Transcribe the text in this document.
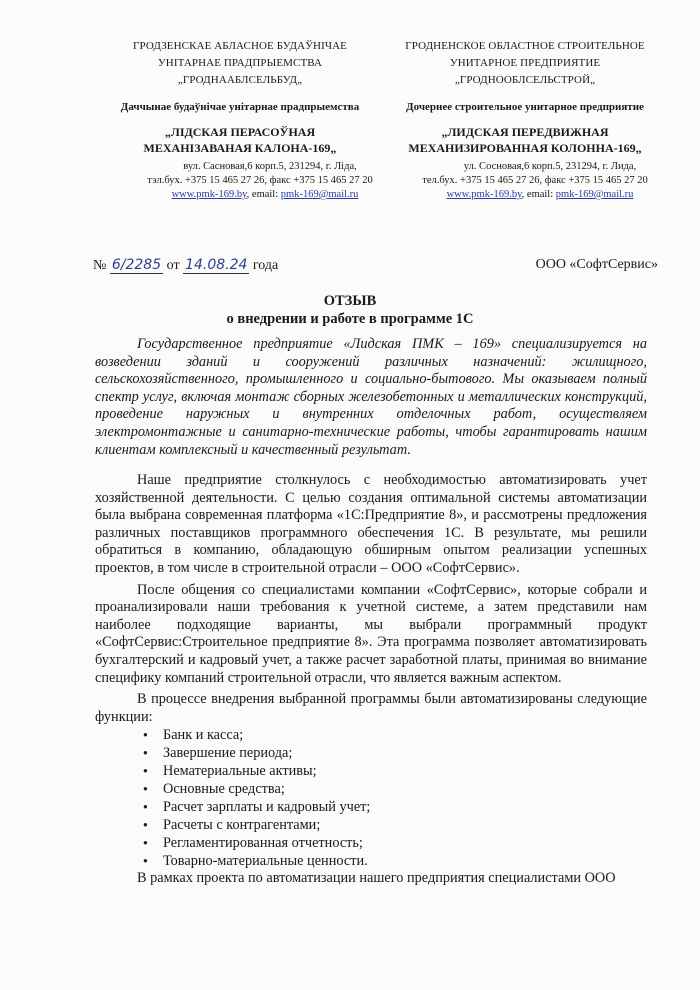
ГРОДЗЕНСКАЕ АБЛАСНОЕ БУДАЎНІЧАЕ
УНІТАРНАЕ ПРАДПРЫЕМСТВА
„ГРОДНААБЛСЕЛЬБУД„
Даччынае будаўнічае унітарнае прадпрыемства
„ЛІДСКАЯ ПЕРАСОЎНАЯ
МЕХАНІЗАВАНАЯ КАЛОНА-169„
вул. Сасновая,6 корп.5, 231294, г. Ліда,
тэл.бух. +375 15 465 27 26, факс +375 15 465 27 20
www.pmk-169.by, email: pmk-169@mail.ru
ГРОДНЕНСКОЕ ОБЛАСТНОЕ СТРОИТЕЛЬНОЕ
УНИТАРНОЕ ПРЕДПРИЯТИЕ
„ГРОДНООБЛСЕЛЬСТРОЙ„
Дочернее строительное унитарное предприятие
„ЛИДСКАЯ ПЕРЕДВИЖНАЯ
МЕХАНИЗИРОВАННАЯ КОЛОННА-169„
ул. Сосновая,6 корп.5, 231294, г. Лида,
тел.бух. +375 15 465 27 26, факс +375 15 465 27 20
www.pmk-169.by, email: pmk-169@mail.ru
№ 6/2285 от 14.08.24 года	ООО «СофтСервис»
ОТЗЫВ
о внедрении и работе в программе 1С
Государственное предприятие «Лидская ПМК – 169» специализируется на возведении зданий и сооружений различных назначений: жилищного, сельскохозяйственного, промышленного и социально-бытового. Мы оказываем полный спектр услуг, включая монтаж сборных железобетонных и металлических конструкций, проведение наружных и внутренних отделочных работ, осуществляем электромонтажные и санитарно-технические работы, чтобы гарантировать нашим клиентам комплексный и качественный результат.

Наше предприятие столкнулось с необходимостью автоматизировать учет хозяйственной деятельности. С целью создания оптимальной системы автоматизации была выбрана современная платформа «1С:Предприятие 8», и рассмотрены предложения различных поставщиков программного обеспечения 1С. В результате, мы решили обратиться в компанию, обладающую обширным опытом реализации успешных проектов, в том числе в строительной отрасли – ООО «СофтСервис».

После общения со специалистами компании «СофтСервис», которые собрали и проанализировали наши требования к учетной системе, а затем представили нам наиболее подходящие варианты, мы выбрали программный продукт «СофтСервис:Строительное предприятие 8». Эта программа позволяет автоматизировать бухгалтерский и кадровый учет, а также расчет заработной платы, принимая во внимание специфику компаний строительной отрасли, что является важным аспектом.

В процессе внедрения выбранной программы были автоматизированы следующие функции:

● Банк и касса;
● Завершение периода;
● Нематериальные активы;
● Основные средства;
● Расчет зарплаты и кадровый учет;
● Расчеты с контрагентами;
● Регламентированная отчетность;
● Товарно-материальные ценности.

В рамках проекта по автоматизации нашего предприятия специалистами ООО
